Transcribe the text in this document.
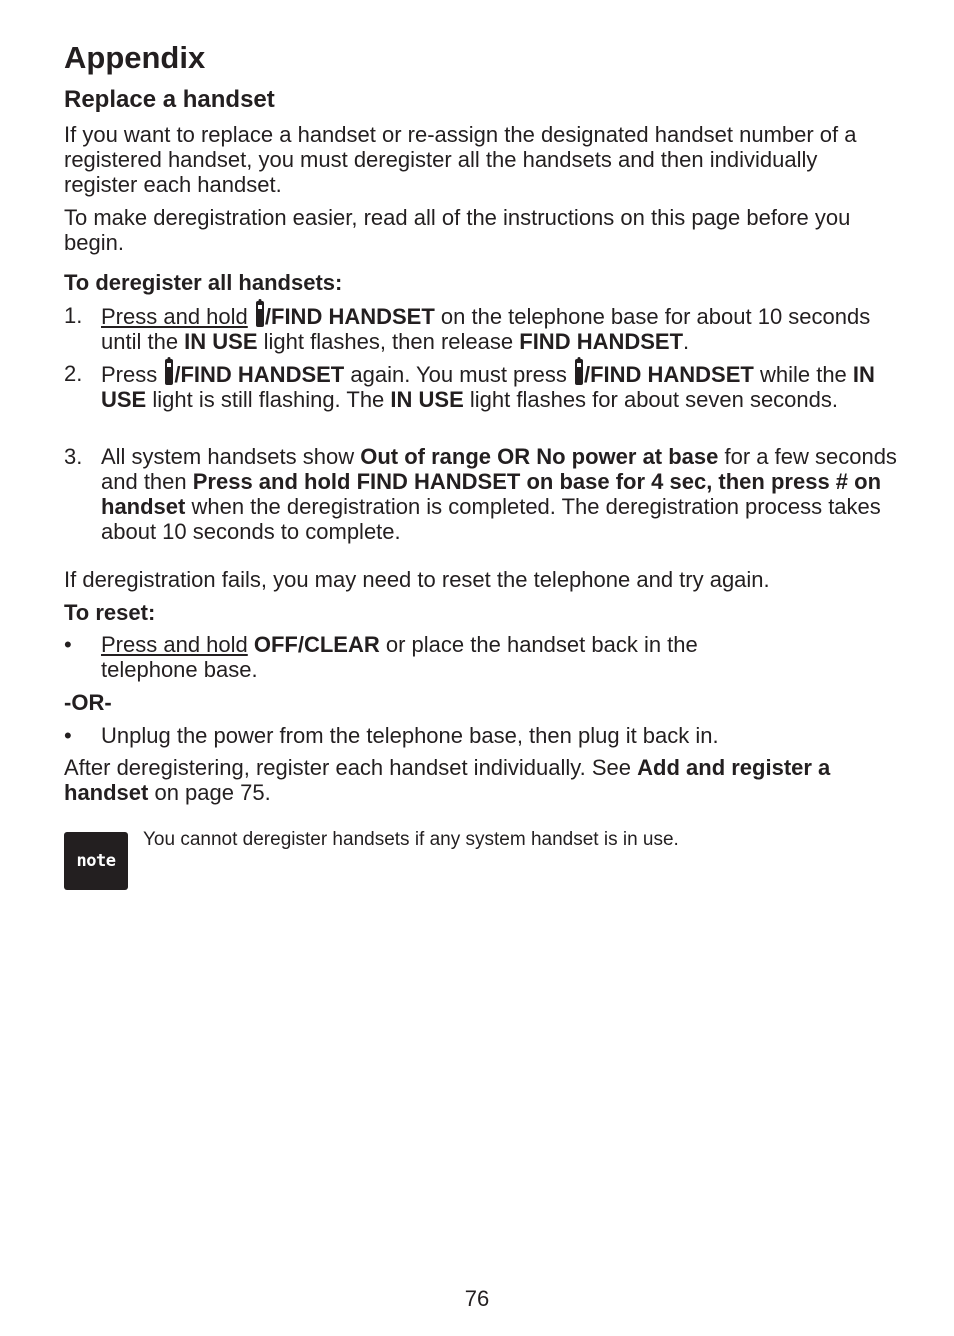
Appendix
Replace a handset

If you want to replace a handset or re-assign the designated handset number of a registered handset, you must deregister all the handsets and then individually register each handset.

To make deregistration easier, read all of the instructions on this page before you begin.

To deregister all handsets:

1. Press and hold /FIND HANDSET on the telephone base for about 10 seconds until the IN USE light flashes, then release FIND HANDSET.

2. Press
/FIND HANDSET again. You must press
/FIND HANDSET while the IN USE light is still flashing. The IN USE light flashes for about seven seconds.

3. All system handsets show Out of range OR No power at base for a few seconds and then Press and hold FIND HANDSET on base for 4 sec, then press # on handset when the deregistration is completed. The deregistration process takes about 10 seconds to complete.

If deregistration fails, you may need to reset the telephone and try again.

To reset:

•	Press and hold OFF/CLEAR or place the handset back in the telephone base.

-OR-

•	Unplug the power from the telephone base, then plug it back in.

After deregistering, register each handset individually. See Add and register a handset on page 75.

note

You cannot deregister handsets if any system handset is in use.

76
